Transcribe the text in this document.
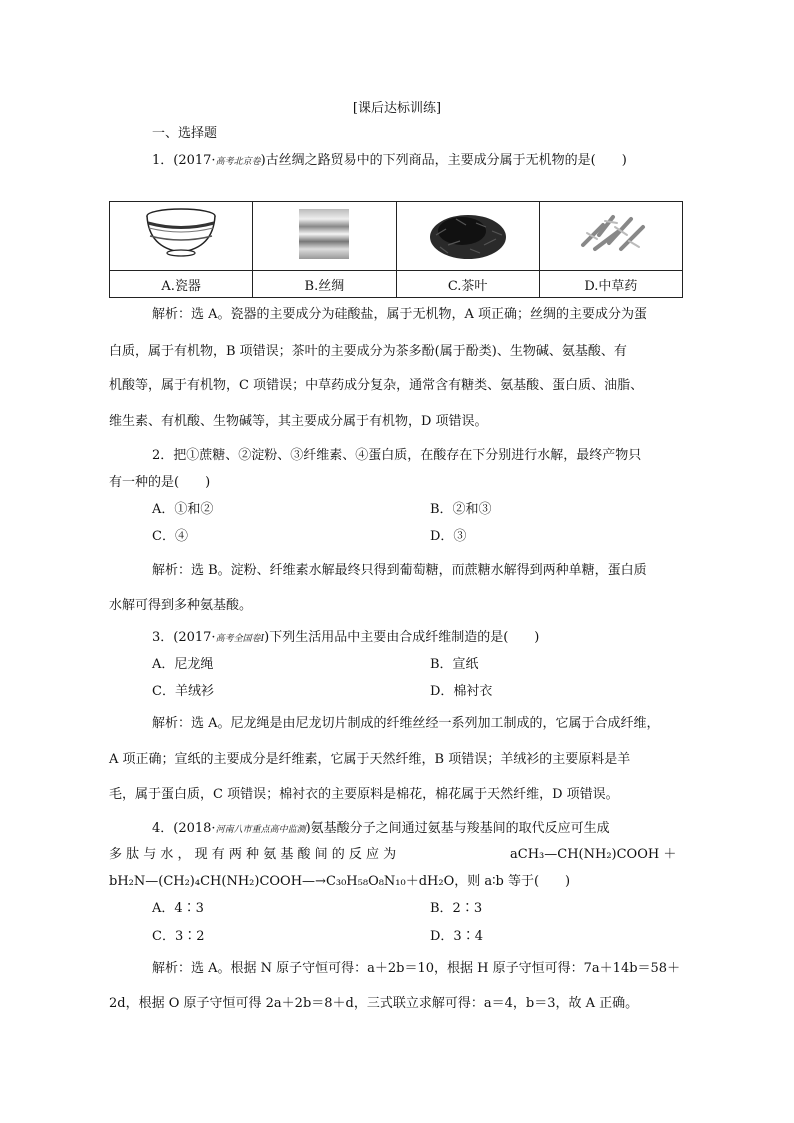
[课后达标训练]
一、选择题
1．(2017·高考北京卷)古丝绸之路贸易中的下列商品，主要成分属于无机物的是(　　)

A.瓷器	B.丝绸	C.茶叶	D.中草药
解析：选 A。瓷器的主要成分为硅酸盐，属于无机物，A 项正确；丝绸的主要成分为蛋
白质，属于有机物，B 项错误；茶叶的主要成分为茶多酚(属于酚类)、生物碱、氨基酸、有
机酸等，属于有机物，C 项错误；中草药成分复杂，通常含有糖类、氨基酸、蛋白质、油脂、
维生素、有机酸、生物碱等，其主要成分属于有机物，D 项错误。
2．把①蔗糖、②淀粉、③纤维素、④蛋白质，在酸存在下分别进行水解，最终产物只
有一种的是(　　)
A．①和②	B．②和③
C．④	D．③
解析：选 B。淀粉、纤维素水解最终只得到葡萄糖，而蔗糖水解得到两种单糖，蛋白质
水解可得到多种氨基酸。
3．(2017·高考全国卷Ⅰ)下列生活用品中主要由合成纤维制造的是(　　)
A．尼龙绳	B．宣纸
C．羊绒衫	D．棉衬衣
解析：选 A。尼龙绳是由尼龙切片制成的纤维丝经一系列加工制成的，它属于合成纤维，
A 项正确；宣纸的主要成分是纤维素，它属于天然纤维，B 项错误；羊绒衫的主要原料是羊
毛，属于蛋白质，C 项错误；棉衬衣的主要原料是棉花，棉花属于天然纤维，D 项错误。
4．(2018·河南八市重点高中监测)氨基酸分子之间通过氨基与羧基间的取代反应可生成
多 肽 与 水 ， 现 有 两 种 氨 基 酸 间 的 反 应 为	aCH₃—CH(NH₂)COOH ＋
bH₂N—(CH₂)₄CH(NH₂)COOH—→C₃₀H₅₈O₈N₁₀＋dH₂O，则 a∶b 等于(　　)
A．4∶3	B．2∶3
C．3∶2	D．3∶4
解析：选 A。根据 N 原子守恒可得：a＋2b＝10，根据 H 原子守恒可得：7a＋14b＝58＋
2d，根据 O 原子守恒可得 2a＋2b＝8＋d，三式联立求解可得：a＝4，b＝3，故 A 正确。
